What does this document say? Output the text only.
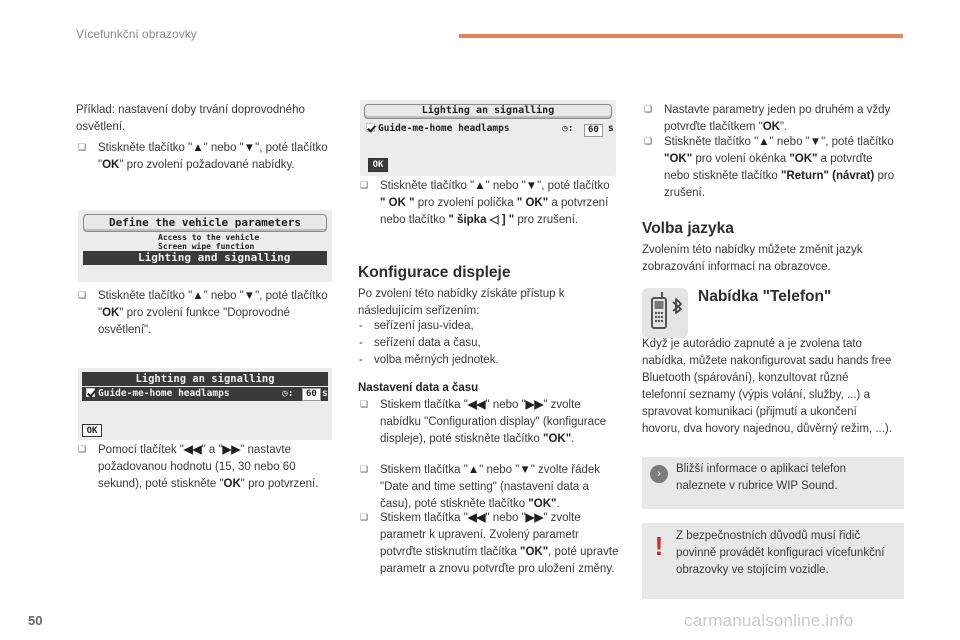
Vícefunkční obrazovky

Příklad: nastavení doby trvání doprovodného osvětlení.

❑ Stiskněte tlačítko "▲" nebo "▼", poté tlačítko "OK" pro zvolení požadované nabídky.
❑ Stiskněte tlačítko "▲" nebo "▼", poté tlačítko "OK" pro zvolení funkce "Doprovodné osvětlení".
❑ Pomocí tlačítek "◀◀" a "▶▶" nastavte požadovanou hodnotu (15, 30 nebo 60 sekund), poté stiskněte "OK" pro potvrzení.
Define the vehicle parameters
Access to the vehicle
Screen wipe function
Lighting and signalling
Lighting an signalling
Guide-me-home headlamps	◷:	60 s
OK
Lighting an signalling
Guide-me-home headlamps	◷:	60 s
OK
❑ Stiskněte tlačítko "▲" nebo "▼", poté tlačítko " OK " pro zvolení políčka " OK" a potvrzení nebo tlačítko " šipka ◁ ] " pro zrušení.
Konfigurace displeje

Po zvolení této nabídky získáte přístup k následujícím seřízením:

- seřízení jasu-videa,
- seřízení data a času,
- volba měrných jednotek.

Nastavení data a času

❑ Stiskem tlačítka "◀◀" nebo "▶▶" zvolte nabídku "Configuration display" (konfigurace displeje), poté stiskněte tlačítko "OK".
❑ Stiskem tlačítka "▲" nebo "▼" zvolte řádek "Date and time setting" (nastavení data a času), poté stiskněte tlačítko "OK".
❑ Stiskem tlačítka "◀◀" nebo "▶▶" zvolte parametr k upravení. Zvolený parametr potvrďte stisknutím tlačítka "OK", poté upravte parametr a znovu potvrďte pro uložení změny.
❑ Nastavte parametry jeden po druhém a vždy potvrďte tlačítkem "OK".
❑ Stiskněte tlačítko "▲" nebo "▼", poté tlačítko "OK" pro volení okénka "OK" a potvrďte nebo stiskněte tlačítko "Return" (návrat) pro zrušení.
Volba jazyka

Zvolením této nabídky můžete změnit jazyk zobrazování informací na obrazovce.

Nabídka "Telefon"

Když je autorádio zapnuté a je zvolena tato nabídka, můžete nakonfigurovat sadu hands free Bluetooth (spárování), konzultovat různé telefonní seznamy (výpis volání, služby, ...) a spravovat komunikaci (přijmutí a ukončení hovoru, dva hovory najednou, důvěrný režim, ...).

›	Bližší informace o aplikaci telefon naleznete v rubrice WIP Sound.

!	Z bezpečnostních důvodů musí řidič povinně provádět konfiguraci vícefunkční obrazovky ve stojícím vozidle.

50	carmanualsonline.info
